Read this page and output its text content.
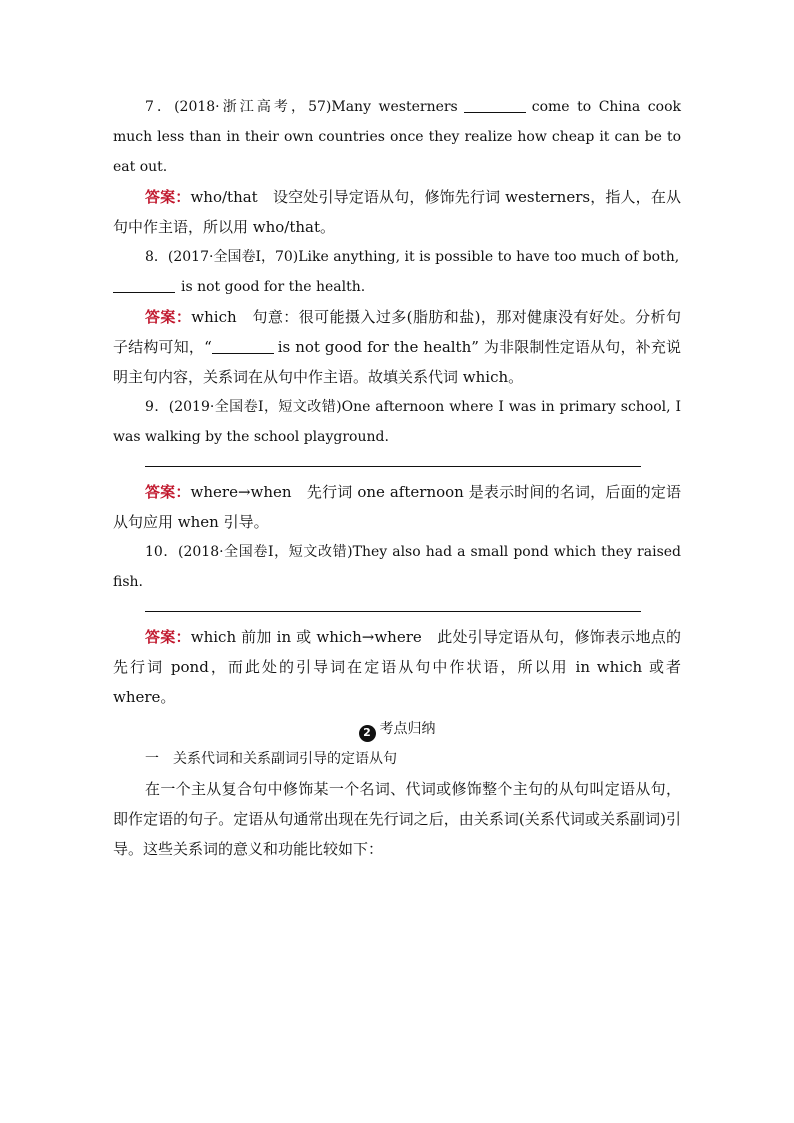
7．(2018·浙江高考，57)Many westerners	come to China cook much less than in their own countries once they realize how cheap it can be to eat out.

答案：who/that　设空处引导定语从句，修饰先行词 westerners，指人，在从句中作主语，所以用 who/that。

8．(2017·全国卷Ⅰ，70)Like anything, it is possible to have too much of both,
is not good for the health.

答案：which　句意：很可能摄入过多(脂肪和盐)，那对健康没有好处。分析句子结构可知，“	is not good for the health” 为非限制性定语从句，补充说明主句内容，关系词在从句中作主语。故填关系代词 which。

9．(2019·全国卷Ⅰ，短文改错)One afternoon where I was in primary school, I was walking by the school playground.

答案：where→when　先行词 one afternoon 是表示时间的名词，后面的定语从句应用 when 引导。

10．(2018·全国卷Ⅰ，短文改错)They also had a small pond which they raised fish.

答案：which 前加 in 或 which→where　此处引导定语从句，修饰表示地点的先行词 pond，而此处的引导词在定语从句中作状语，所以用 in which 或者 where。

2 考点归纳

一　关系代词和关系副词引导的定语从句

在一个主从复合句中修饰某一个名词、代词或修饰整个主句的从句叫定语从句，即作定语的句子。定语从句通常出现在先行词之后，由关系词(关系代词或关系副词)引导。这些关系词的意义和功能比较如下：
